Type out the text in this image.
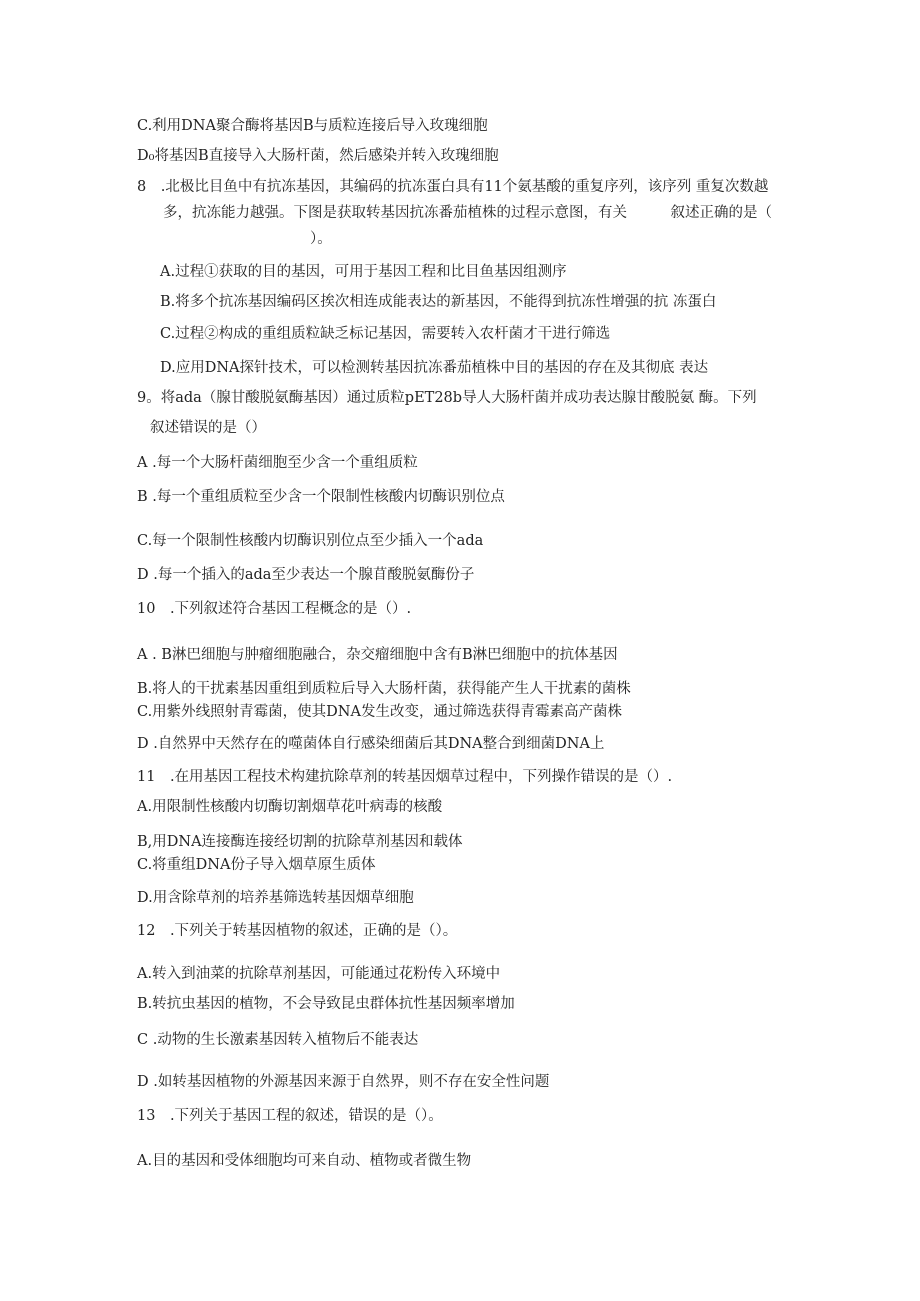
C.利用DNA聚合酶将基因B与质粒连接后导入玫瑰细胞
D₀将基因B直接导入大肠杆菌，然后感染并转入玫瑰细胞
8　.北极比目鱼中有抗冻基因，其编码的抗冻蛋白具有11个氨基酸的重复序列，该序列 重复次数越
多，抗冻能力越强。下图是获取转基因抗冻番茄植株的过程示意图，有关　　　叙述正确的是（
）。
A.过程①获取的目的基因，可用于基因工程和比目鱼基因组测序
B.将多个抗冻基因编码区挨次相连成能表达的新基因，不能得到抗冻性增强的抗 冻蛋白
C.过程②构成的重组质粒缺乏标记基因，需要转入农杆菌才干进行筛选
D.应用DNA探针技术，可以检测转基因抗冻番茄植株中目的基因的存在及其彻底 表达
9。将ada（腺甘酸脱氨酶基因）通过质粒pET28b导人大肠杆菌并成功表达腺甘酸脱氨 酶。下列
叙述错误的是（）
A .每一个大肠杆菌细胞至少含一个重组质粒
B .每一个重组质粒至少含一个限制性核酸内切酶识别位点
C.每一个限制性核酸内切酶识别位点至少插入一个ada
D .每一个插入的ada至少表达一个腺苜酸脱氨酶份子
10　.下列叙述符合基因工程概念的是（）.
A . B淋巴细胞与肿瘤细胞融合，杂交瘤细胞中含有B淋巴细胞中的抗体基因
B.将人的干扰素基因重组到质粒后导入大肠杆菌，获得能产生人干扰素的菌株
C.用紫外线照射青霉菌，使其DNA发生改变，通过筛选获得青霉素高产菌株
D .自然界中天然存在的噬菌体自行感染细菌后其DNA整合到细菌DNA上
11　.在用基因工程技术构建抗除草剂的转基因烟草过程中，下列操作错误的是（）.
A.用限制性核酸内切酶切割烟草花叶病毒的核酸
B,用DNA连接酶连接经切割的抗除草剂基因和载体
C.将重组DNA份子导入烟草原生质体
D.用含除草剂的培养基筛选转基因烟草细胞
12　.下列关于转基因植物的叙述，正确的是（）。
A.转入到油菜的抗除草剂基因，可能通过花粉传入环境中
B.转抗虫基因的植物，不会导致昆虫群体抗性基因频率增加
C .动物的生长激素基因转入植物后不能表达
D .如转基因植物的外源基因来源于自然界，则不存在安全性问题
13　.下列关于基因工程的叙述，错误的是（）。
A.目的基因和受体细胞均可来自动、植物或者微生物
